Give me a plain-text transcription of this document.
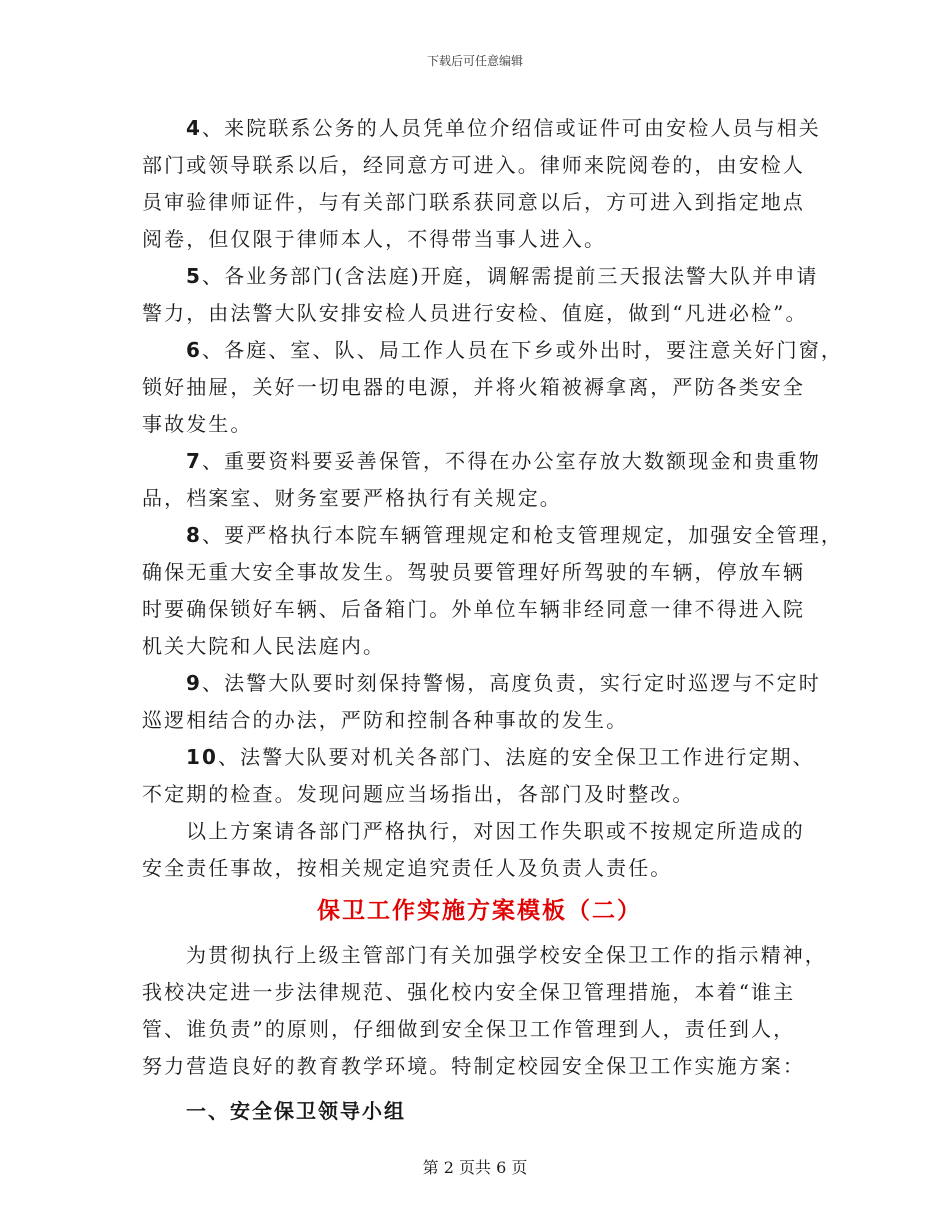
下载后可任意编辑

4、来院联系公务的人员凭单位介绍信或证件可由安检人员与相关
部门或领导联系以后，经同意方可进入。律师来院阅卷的，由安检人
员审验律师证件，与有关部门联系获同意以后，方可进入到指定地点
阅卷，但仅限于律师本人，不得带当事人进入。

5、各业务部门(含法庭)开庭，调解需提前三天报法警大队并申请
警力，由法警大队安排安检人员进行安检、值庭，做到“凡进必检”。

6、各庭、室、队、局工作人员在下乡或外出时，要注意关好门窗，
锁好抽屉，关好一切电器的电源，并将火箱被褥拿离，严防各类安全
事故发生。

7、重要资料要妥善保管，不得在办公室存放大数额现金和贵重物
品，档案室、财务室要严格执行有关规定。

8、要严格执行本院车辆管理规定和枪支管理规定，加强安全管理，
确保无重大安全事故发生。驾驶员要管理好所驾驶的车辆，停放车辆
时要确保锁好车辆、后备箱门。外单位车辆非经同意一律不得进入院
机关大院和人民法庭内。

9、法警大队要时刻保持警惕，高度负责，实行定时巡逻与不定时
巡逻相结合的办法，严防和控制各种事故的发生。

10、法警大队要对机关各部门、法庭的安全保卫工作进行定期、
不定期的检查。发现问题应当场指出，各部门及时整改。

以上方案请各部门严格执行，对因工作失职或不按规定所造成的
安全责任事故，按相关规定追究责任人及负责人责任。

保卫工作实施方案模板（二）

为贯彻执行上级主管部门有关加强学校安全保卫工作的指示精神，
我校决定进一步法律规范、强化校内安全保卫管理措施，本着“谁主
管、谁负责”的原则，仔细做到安全保卫工作管理到人，责任到人，
努力营造良好的教育教学环境。特制定校园安全保卫工作实施方案：

一、安全保卫领导小组
第 2 页共 6 页
